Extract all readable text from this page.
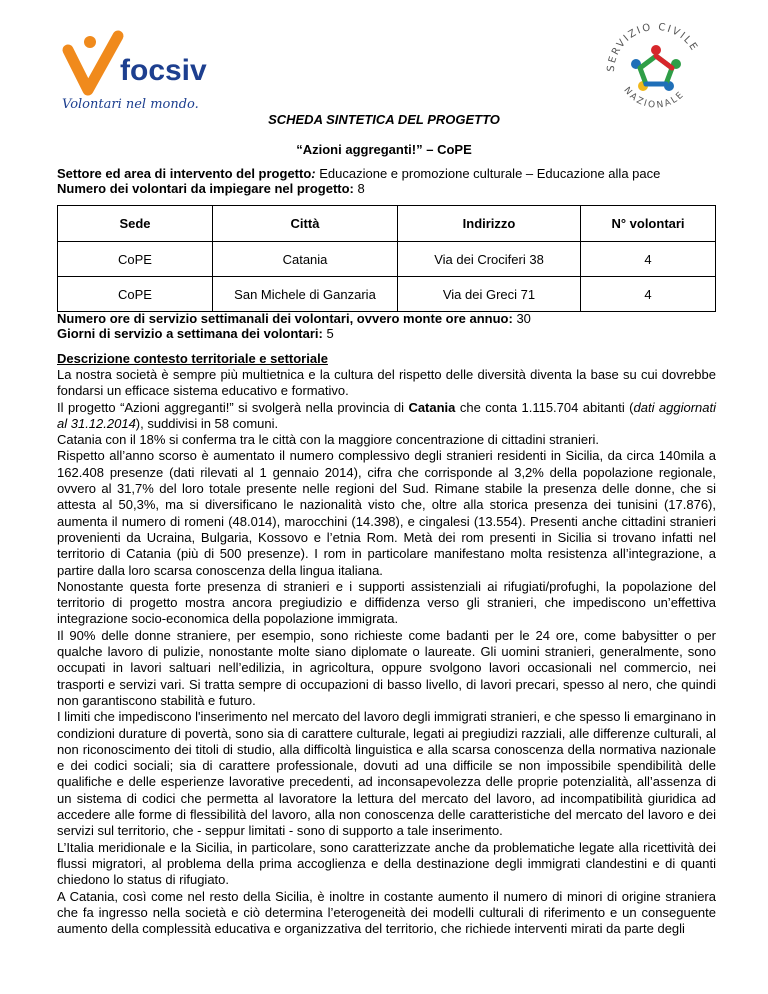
focsiv
Volontari nel mondo.
SERVIZIO CIVILE
NAZIONALE
SCHEDA SINTETICA DEL PROGETTO
“Azioni aggreganti!” – CoPE
Settore ed area di intervento del progetto: Educazione e promozione culturale – Educazione alla pace
Numero dei volontari da impiegare nel progetto: 8
Sede	Città	Indirizzo	N° volontari
CoPE	Catania	Via dei Crociferi 38	4
CoPE	San Michele di Ganzaria	Via dei Greci 71	4
Numero ore di servizio settimanali dei volontari, ovvero monte ore annuo: 30
Giorni di servizio a settimana dei volontari: 5
Descrizione contesto territoriale e settoriale

La nostra società è sempre più multietnica e la cultura del rispetto delle diversità diventa la base su cui dovrebbe fondarsi un efficace sistema educativo e formativo.

Il progetto “Azioni aggreganti!” si svolgerà nella provincia di Catania che conta 1.115.704 abitanti (dati aggiornati al 31.12.2014), suddivisi in 58 comuni.

Catania con il 18% si conferma tra le città con la maggiore concentrazione di cittadini stranieri.

Rispetto all’anno scorso è aumentato il numero complessivo degli stranieri residenti in Sicilia, da circa 140mila a 162.408 presenze (dati rilevati al 1 gennaio 2014), cifra che corrisponde al 3,2% della popolazione regionale, ovvero al 31,7% del loro totale presente nelle regioni del Sud. Rimane stabile la presenza delle donne, che si attesta al 50,3%, ma si diversificano le nazionalità visto che, oltre alla storica presenza dei tunisini (17.876), aumenta il numero di romeni (48.014), marocchini (14.398), e cingalesi (13.554). Presenti anche cittadini stranieri provenienti da Ucraina, Bulgaria, Kossovo e l’etnia Rom. Metà dei rom presenti in Sicilia si trovano infatti nel territorio di Catania (più di 500 presenze). I rom in particolare manifestano molta resistenza all’integrazione, a partire dalla loro scarsa conoscenza della lingua italiana.

Nonostante questa forte presenza di stranieri e i supporti assistenziali ai rifugiati/profughi, la popolazione del territorio di progetto mostra ancora pregiudizio e diffidenza verso gli stranieri, che impediscono un’effettiva integrazione socio-economica della popolazione immigrata.

Il 90% delle donne straniere, per esempio, sono richieste come badanti per le 24 ore, come babysitter o per qualche lavoro di pulizie, nonostante molte siano diplomate o laureate. Gli uomini stranieri, generalmente, sono occupati in lavori saltuari nell’edilizia, in agricoltura, oppure svolgono lavori occasionali nel commercio, nei trasporti e servizi vari. Si tratta sempre di occupazioni di basso livello, di lavori precari, spesso al nero, che quindi non garantiscono stabilità e futuro.

I limiti che impediscono l'inserimento nel mercato del lavoro degli immigrati stranieri, e che spesso li emarginano in condizioni durature di povertà, sono sia di carattere culturale, legati ai pregiudizi razziali, alle differenze culturali, al non riconoscimento dei titoli di studio, alla difficoltà linguistica e alla scarsa conoscenza della normativa nazionale e dei codici sociali; sia di carattere professionale, dovuti ad una difficile se non impossibile spendibilità delle qualifiche e delle esperienze lavorative precedenti, ad inconsapevolezza delle proprie potenzialità, all’assenza di un sistema di codici che permetta al lavoratore la lettura del mercato del lavoro, ad incompatibilità giuridica ad accedere alle forme di flessibilità del lavoro, alla non conoscenza delle caratteristiche del mercato del lavoro e dei servizi sul territorio, che - seppur limitati - sono di supporto a tale inserimento.

L’Italia meridionale e la Sicilia, in particolare, sono caratterizzate anche da problematiche legate alla ricettività dei flussi migratori, al problema della prima accoglienza e della destinazione degli immigrati clandestini e di quanti chiedono lo status di rifugiato.

A Catania, così come nel resto della Sicilia, è inoltre in costante aumento il numero di minori di origine straniera che fa ingresso nella società e ciò determina l’eterogeneità dei modelli culturali di riferimento e un conseguente aumento della complessità educativa e organizzativa del territorio, che richiede interventi mirati da parte degli
